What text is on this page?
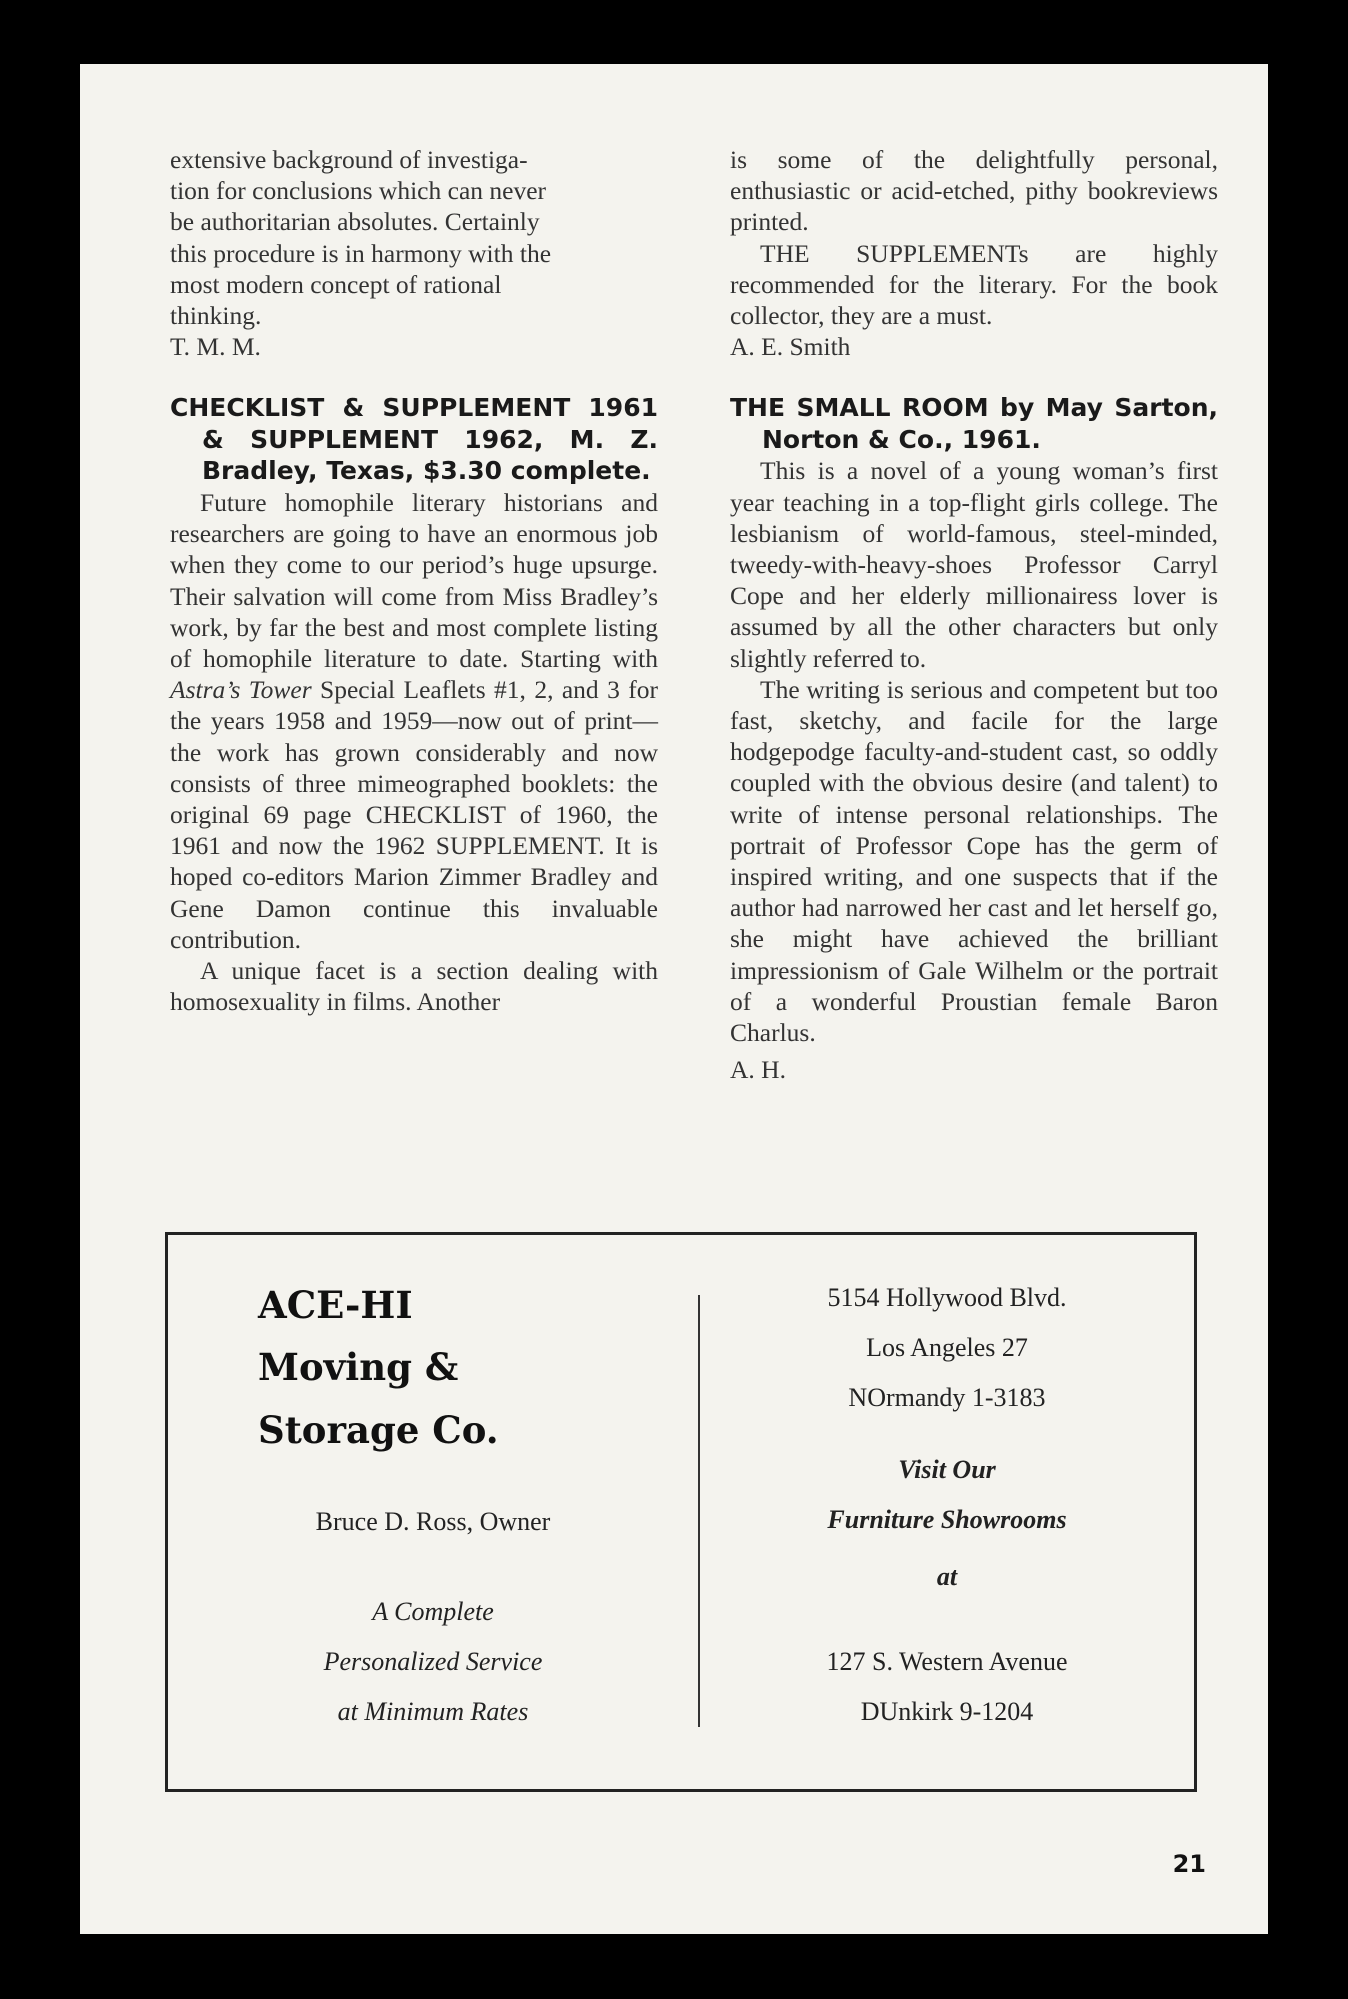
extensive background of investiga-

tion for conclusions which can never

be authoritarian absolutes. Certainly

this procedure is in harmony with the

most modern concept of rational

thinking.

T. M. M.

CHECKLIST & SUPPLEMENT 1961 & SUPPLEMENT 1962, M. Z. Bradley, Texas, $3.30 complete.

Future homophile literary historians and researchers are going to have an enormous job when they come to our period’s huge upsurge. Their salvation will come from Miss Bradley’s work, by far the best and most complete listing of homophile literature to date. Starting with Astra’s Tower Special Leaflets #1, 2, and 3 for the years 1958 and 1959—now out of print—the work has grown considerably and now consists of three mimeographed booklets: the original 69 page CHECKLIST of 1960, the 1961 and now the 1962 SUPPLEMENT. It is hoped co-editors Marion Zimmer Bradley and Gene Damon continue this invaluable contribution.

A unique facet is a section dealing with homosexuality in films. Another

is some of the delightfully personal, enthusiastic or acid-etched, pithy bookreviews printed.

THE SUPPLEMENTs are highly recommended for the literary. For the book collector, they are a must.

A. E. Smith

THE SMALL ROOM by May Sarton, Norton & Co., 1961.

This is a novel of a young woman’s first year teaching in a top-flight girls college. The lesbianism of world-famous, steel-minded, tweedy-with-heavy-shoes Professor Carryl Cope and her elderly millionairess lover is assumed by all the other characters but only slightly referred to.

The writing is serious and competent but too fast, sketchy, and facile for the large hodgepodge faculty-and-student cast, so oddly coupled with the obvious desire (and talent) to write of intense personal relationships. The portrait of Professor Cope has the germ of inspired writing, and one suspects that if the author had narrowed her cast and let herself go, she might have achieved the brilliant impressionism of Gale Wilhelm or the portrait of a wonderful Proustian female Baron Charlus.

A. H.

ACE-HI
Moving &
Storage Co.
Bruce D. Ross, Owner
A Complete
Personalized Service
at Minimum Rates
5154 Hollywood Blvd.
Los Angeles 27
NOrmandy 1-3183
Visit Our
Furniture Showrooms
at
127 S. Western Avenue
DUnkirk 9-1204
21
